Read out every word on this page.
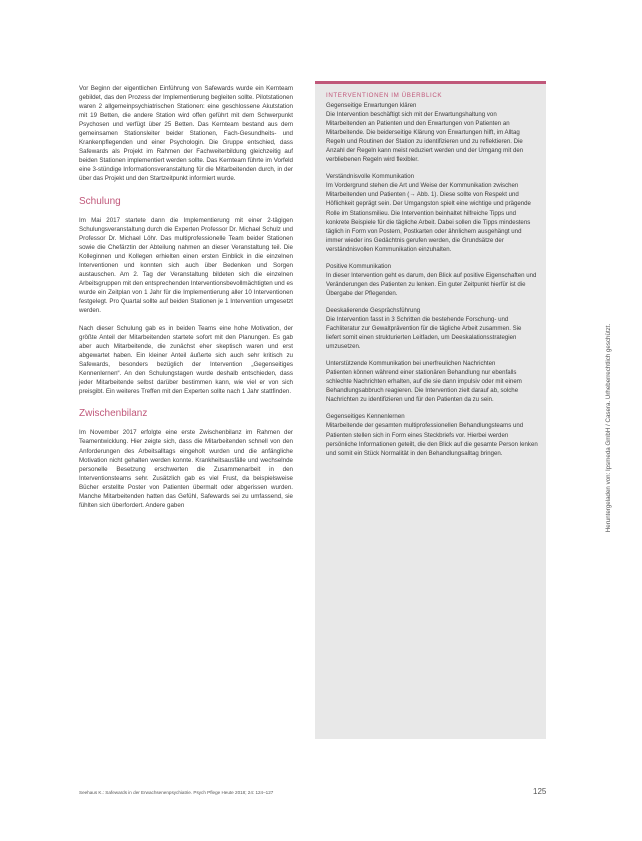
Vor Beginn der eigentlichen Einführung von Safewards wurde ein Kernteam gebildet, das den Prozess der Implementierung begleiten sollte. Pilotstationen waren 2 allgemeinpsychiatrischen Stationen: eine geschlossene Akutstation mit 19 Betten, die andere Station wird offen geführt mit dem Schwerpunkt Psychosen und verfügt über 25 Betten. Das Kernteam bestand aus dem gemeinsamen Stationsleiter beider Stationen, Fach-Gesundheits- und Krankenpflegenden und einer Psychologin. Die Gruppe entschied, dass Safewards als Projekt im Rahmen der Fachweiterbildung gleichzeitig auf beiden Stationen implementiert werden sollte. Das Kernteam führte im Vorfeld eine 3-stündige Informationsveranstaltung für die Mitarbeitenden durch, in der über das Projekt und den Startzeitpunkt informiert wurde.

Schulung

Im Mai 2017 startete dann die Implementierung mit einer 2-tägigen Schulungsveranstaltung durch die Experten Professor Dr. Michael Schulz und Professor Dr. Michael Löhr. Das multiprofessionelle Team beider Stationen sowie die Chefärztin der Abteilung nahmen an dieser Veranstaltung teil. Die Kolleginnen und Kollegen erhielten einen ersten Einblick in die einzelnen Interventionen und konnten sich auch über Bedenken und Sorgen austauschen. Am 2. Tag der Veranstaltung bildeten sich die einzelnen Arbeitsgruppen mit den entsprechenden Interventionsbevollmächtigten und es wurde ein Zeitplan von 1 Jahr für die Implementierung aller 10 Interventionen festgelegt. Pro Quartal sollte auf beiden Stationen je 1 Intervention umgesetzt werden.

Nach dieser Schulung gab es in beiden Teams eine hohe Motivation, der größte Anteil der Mitarbeitenden startete sofort mit den Planungen. Es gab aber auch Mitarbeitende, die zunächst eher skeptisch waren und erst abgewartet haben. Ein kleiner Anteil äußerte sich auch sehr kritisch zu Safewards, besonders bezüglich der Intervention „Gegenseitiges Kennenlernen“. An den Schulungstagen wurde deshalb entschieden, dass jeder Mitarbeitende selbst darüber bestimmen kann, wie viel er von sich preisgibt. Ein weiteres Treffen mit den Experten sollte nach 1 Jahr stattfinden.

Zwischenbilanz

Im November 2017 erfolgte eine erste Zwischenbilanz im Rahmen der Teamentwicklung. Hier zeigte sich, dass die Mitarbeitenden schnell von den Anforderungen des Arbeitsalltags eingeholt wurden und die anfängliche Motivation nicht gehalten werden konnte. Krankheitsausfälle und wechselnde personelle Besetzung erschwerten die Zusammenarbeit in den Interventionsteams sehr. Zusätzlich gab es viel Frust, da beispielsweise Bücher erstellte Poster von Patienten übermalt oder abgerissen wurden. Manche Mitarbeitenden hatten das Gefühl, Safewards sei zu umfassend, sie fühlten sich überfordert. Andere gaben

INTERVENTIONEN IM ÜBERBLICK

Gegenseitige Erwartungen klären

Die Intervention beschäftigt sich mit der Erwartungshaltung von Mitarbeitenden an Patienten und den Erwartungen von Patienten an Mitarbeitende. Die beiderseitige Klärung von Erwartungen hilft, im Alltag Regeln und Routinen der Station zu identifizieren und zu reflektieren. Die Anzahl der Regeln kann meist reduziert werden und der Umgang mit den verbliebenen Regeln wird flexibler.

Verständnisvolle Kommunikation

Im Vordergrund stehen die Art und Weise der Kommunikation zwischen Mitarbeitenden und Patienten (→ Abb. 1). Diese sollte von Respekt und Höflichkeit geprägt sein. Der Umgangston spielt eine wichtige und prägende Rolle im Stationsmilieu. Die Intervention beinhaltet hilfreiche Tipps und konkrete Beispiele für die tägliche Arbeit. Dabei sollen die Tipps mindestens täglich in Form von Postern, Postkarten oder ähnlichem ausgehängt und immer wieder ins Gedächtnis gerufen werden, die Grundsätze der verständnisvollen Kommunikation einzuhalten.

Positive Kommunikation

In dieser Intervention geht es darum, den Blick auf positive Eigenschaften und Veränderungen des Patienten zu lenken. Ein guter Zeitpunkt hierfür ist die Übergabe der Pflegenden.

Deeskalierende Gesprächsführung

Die Intervention fasst in 3 Schritten die bestehende Forschung- und Fachliteratur zur Gewaltprävention für die tägliche Arbeit zusammen. Sie liefert somit einen strukturierten Leitfaden, um Deeskalationsstrategien umzusetzen.

Unterstützende Kommunikation bei unerfreulichen Nachrichten

Patienten können während einer stationären Behandlung nur ebenfalls schlechte Nachrichten erhalten, auf die sie dann impulsiv oder mit einem Behandlungsabbruch reagieren. Die Intervention zielt darauf ab, solche Nachrichten zu identifizieren und für den Patienten da zu sein.

Gegenseitiges Kennenlernen

Mitarbeitende der gesamten multiprofessionellen Behandlungsteams und Patienten stellen sich in Form eines Steckbriefs vor. Hierbei werden persönliche Informationen geteilt, die den Blick auf die gesamte Person lenken und somit ein Stück Normalität in den Behandlungsalltag bringen.	Heruntergeladen von: Ipsmeda GmbH / Casera. Urheberrechtlich geschützt.
Seehaus K.: Safewards in der Erwachsenenpsychiatrie. Psych Pflege Heute 2018; 24: 124–127	125
